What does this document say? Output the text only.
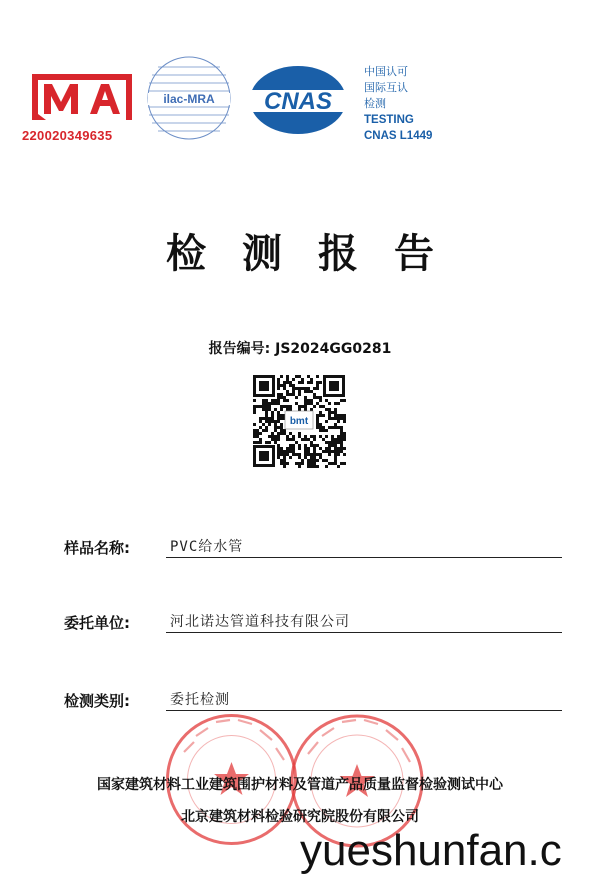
220020349635
ilac-MRA CNAS
中国认可
国际互认
检测
TESTING
CNAS L1449
检测报告
报告编号: JS2024GG0281
bmt
样品名称:	PVC给水管
委托单位:	河北诺达管道科技有限公司
检测类别:	委托检测
国家建筑材料工业建筑围护材料及管道产品质量监督检验测试中心
北京建筑材料检验研究院股份有限公司
yueshunfan.c
